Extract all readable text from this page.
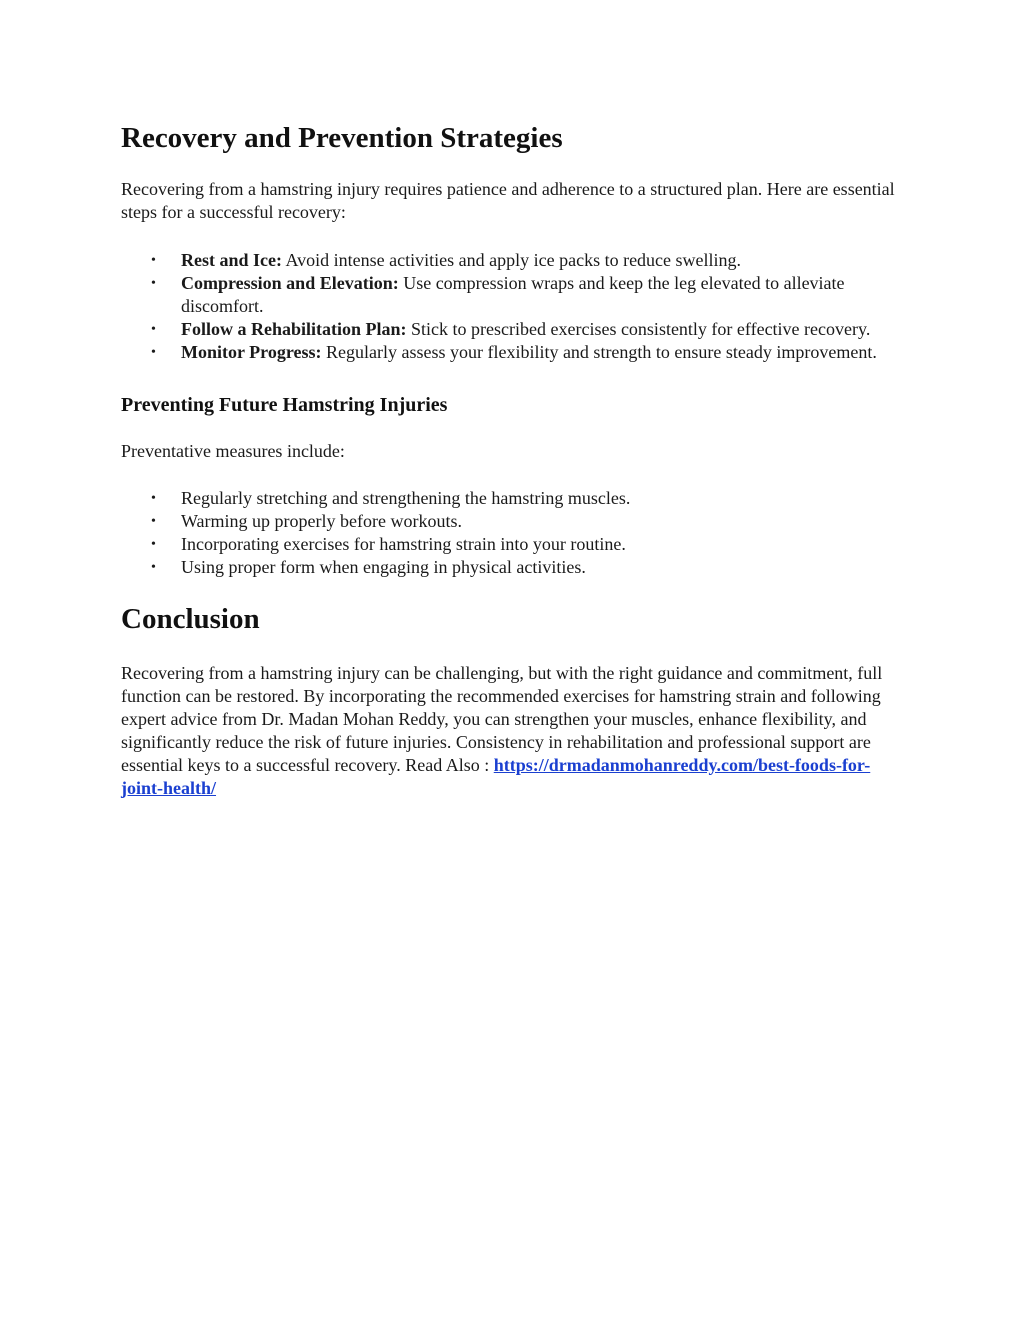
Recovery and Prevention Strategies

Recovering from a hamstring injury requires patience and adherence to a structured plan. Here are essential steps for a successful recovery:

• Rest and Ice: Avoid intense activities and apply ice packs to reduce swelling.
• Compression and Elevation: Use compression wraps and keep the leg elevated to alleviate discomfort.
• Follow a Rehabilitation Plan: Stick to prescribed exercises consistently for effective recovery.
• Monitor Progress: Regularly assess your flexibility and strength to ensure steady improvement.
Preventing Future Hamstring Injuries

Preventative measures include:

• Regularly stretching and strengthening the hamstring muscles.
• Warming up properly before workouts.
• Incorporating exercises for hamstring strain into your routine.
• Using proper form when engaging in physical activities.
Conclusion

Recovering from a hamstring injury can be challenging, but with the right guidance and commitment, full function can be restored. By incorporating the recommended exercises for hamstring strain and following expert advice from Dr. Madan Mohan Reddy, you can strengthen your muscles, enhance flexibility, and significantly reduce the risk of future injuries. Consistency in rehabilitation and professional support are essential keys to a successful recovery. Read Also : https://drmadanmohanreddy.com/best-foods-for-joint-health/
